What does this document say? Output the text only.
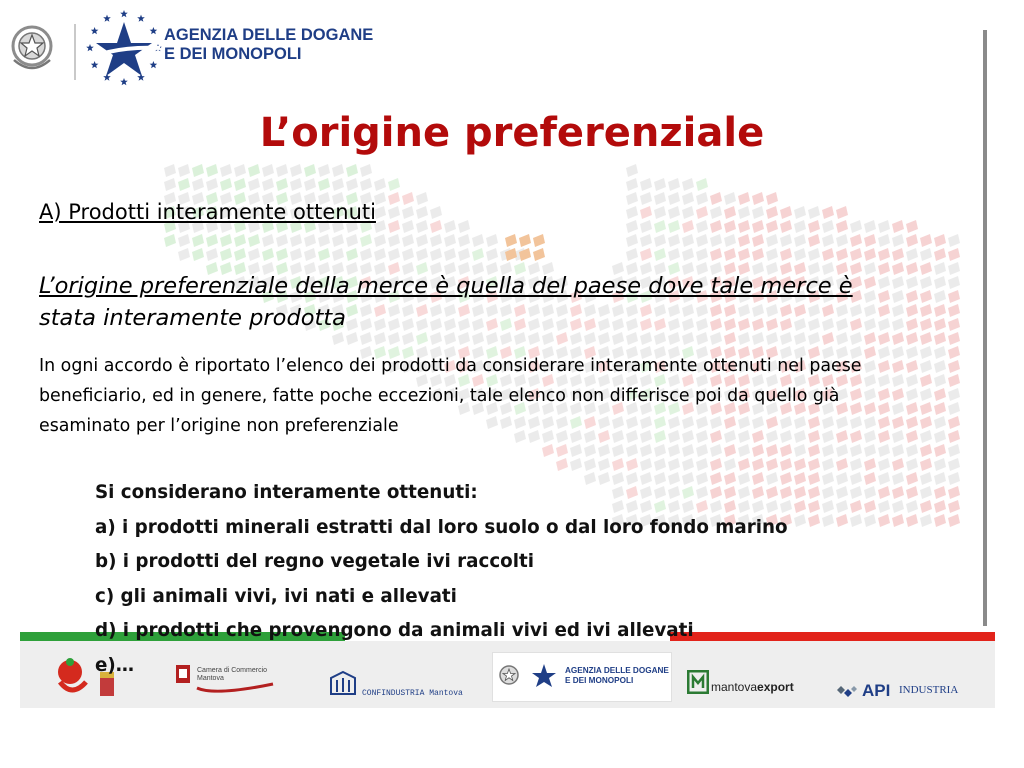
AGENZIA DELLE DOGANE
E DEI MONOPOLI
L’origine preferenziale
A) Prodotti interamente ottenuti
L’origine preferenziale della merce è quella del paese dove tale merce è
stata interamente prodotta
In ogni accordo è riportato l’elenco dei prodotti da considerare interamente ottenuti nel paese
beneficiario, ed in genere, fatte poche eccezioni, tale elenco non differisce poi da quello già
esaminato per l’origine non preferenziale
Si considerano interamente ottenuti:
a) i prodotti minerali estratti dal loro suolo o dal loro fondo marino
b) i prodotti del regno vegetale ivi raccolti
c) gli animali vivi, ivi nati e allevati
d) i prodotti che provengono da animali vivi ed ivi allevati
e)…	Camera di Commercio
Mantova
CONFINDUSTRIA Mantova
AGENZIA DELLE DOGANE
E DEI MONOPOLI	mantovaexport	API INDUSTRIA
